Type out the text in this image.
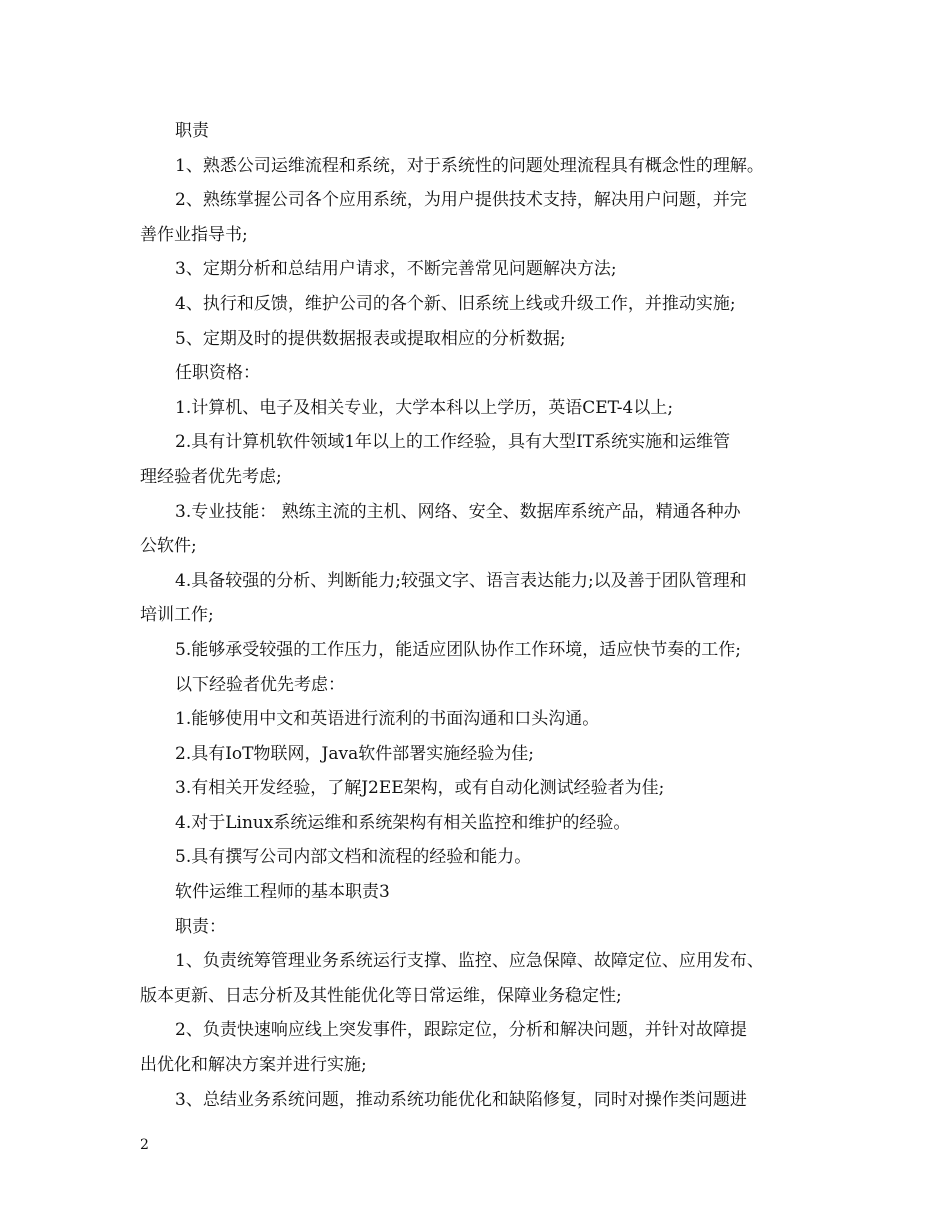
职责
1、熟悉公司运维流程和系统，对于系统性的问题处理流程具有概念性的理解。
2、熟练掌握公司各个应用系统，为用户提供技术支持，解决用户问题，并完
善作业指导书;
3、定期分析和总结用户请求，不断完善常见问题解决方法;
4、执行和反馈，维护公司的各个新、旧系统上线或升级工作，并推动实施;
5、定期及时的提供数据报表或提取相应的分析数据;
任职资格：
1.计算机、电子及相关专业，大学本科以上学历，英语CET-4以上;
2.具有计算机软件领域1年以上的工作经验，具有大型IT系统实施和运维管
理经验者优先考虑;
3.专业技能： 熟练主流的主机、网络、安全、数据库系统产品，精通各种办
公软件;
4.具备较强的分析、判断能力;较强文字、语言表达能力;以及善于团队管理和
培训工作;
5.能够承受较强的工作压力，能适应团队协作工作环境，适应快节奏的工作;
以下经验者优先考虑：
1.能够使用中文和英语进行流利的书面沟通和口头沟通。
2.具有IoT物联网，Java软件部署实施经验为佳;
3.有相关开发经验，了解J2EE架构，或有自动化测试经验者为佳;
4.对于Linux系统运维和系统架构有相关监控和维护的经验。
5.具有撰写公司内部文档和流程的经验和能力。
软件运维工程师的基本职责3
职责：
1、负责统筹管理业务系统运行支撑、监控、应急保障、故障定位、应用发布、
版本更新、日志分析及其性能优化等日常运维，保障业务稳定性;
2、负责快速响应线上突发事件，跟踪定位，分析和解决问题，并针对故障提
出优化和解决方案并进行实施;
3、总结业务系统问题，推动系统功能优化和缺陷修复，同时对操作类问题进
2
